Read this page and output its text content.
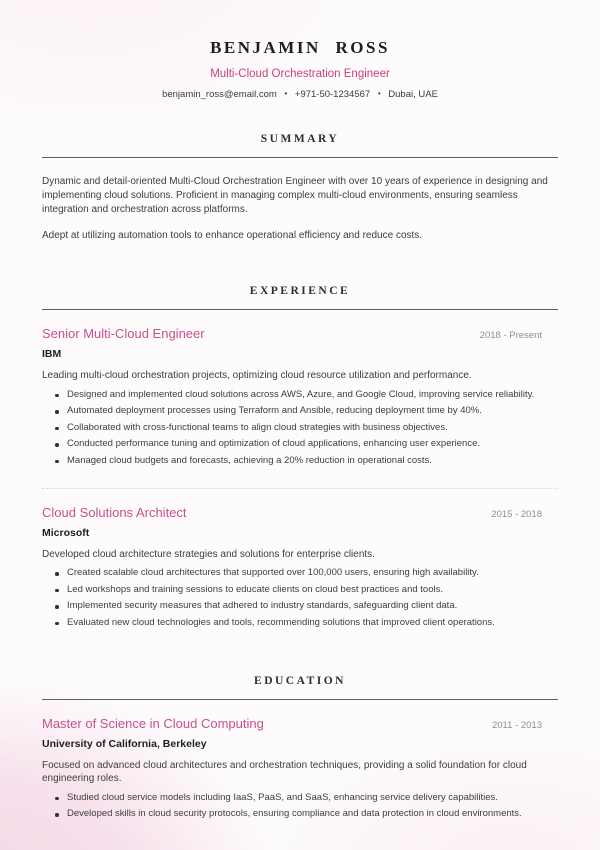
BENJAMIN ROSS
Multi-Cloud Orchestration Engineer
benjamin_ross@email.com • +971-50-1234567 • Dubai, UAE
SUMMARY

Dynamic and detail-oriented Multi-Cloud Orchestration Engineer with over 10 years of experience in designing and implementing cloud solutions. Proficient in managing complex multi-cloud environments, ensuring seamless integration and orchestration across platforms.

Adept at utilizing automation tools to enhance operational efficiency and reduce costs.

EXPERIENCE
Senior Multi-Cloud Engineer	2018 - Present
IBM
Leading multi-cloud orchestration projects, optimizing cloud resource utilization and performance.
Designed and implemented cloud solutions across AWS, Azure, and Google Cloud, improving service reliability.
Automated deployment processes using Terraform and Ansible, reducing deployment time by 40%.
Collaborated with cross-functional teams to align cloud strategies with business objectives.
Conducted performance tuning and optimization of cloud applications, enhancing user experience.
Managed cloud budgets and forecasts, achieving a 20% reduction in operational costs.
Cloud Solutions Architect	2015 - 2018
Microsoft
Developed cloud architecture strategies and solutions for enterprise clients.
Created scalable cloud architectures that supported over 100,000 users, ensuring high availability.
Led workshops and training sessions to educate clients on cloud best practices and tools.
Implemented security measures that adhered to industry standards, safeguarding client data.
Evaluated new cloud technologies and tools, recommending solutions that improved client operations.
EDUCATION
Master of Science in Cloud Computing	2011 - 2013
University of California, Berkeley
Focused on advanced cloud architectures and orchestration techniques, providing a solid foundation for cloud engineering roles.
Studied cloud service models including IaaS, PaaS, and SaaS, enhancing service delivery capabilities.
Developed skills in cloud security protocols, ensuring compliance and data protection in cloud environments.
